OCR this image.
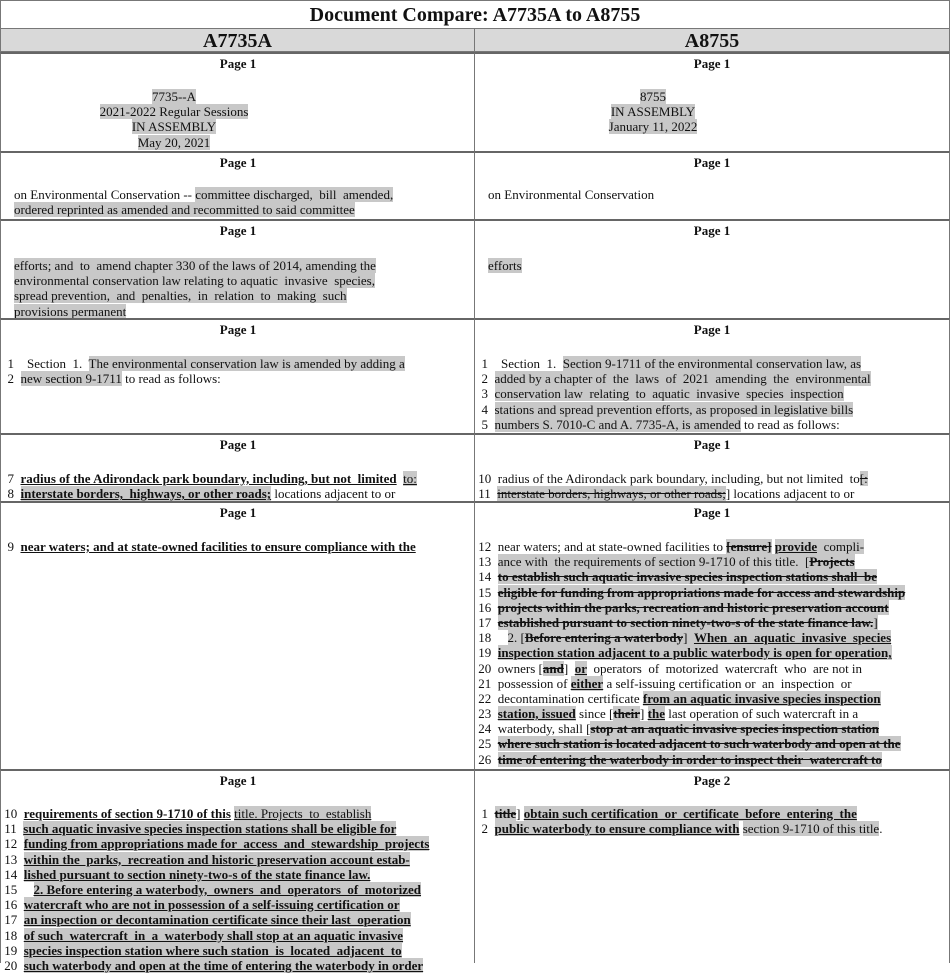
Document Compare: A7735A to A8755
A7735A	A8755
Page 1
7735--A
2021-2022 Regular Sessions
IN ASSEMBLY
May 20, 2021
Page 1
8755
IN ASSEMBLY
January 11, 2022
Page 1
on Environmental Conservation -- committee discharged,  bill  amended,
ordered reprinted as amended and recommitted to said committee
Page 1
on Environmental Conservation
Page 1
efforts; and  to  amend chapter 330 of the laws of 2014, amending the
environmental conservation law relating to aquatic  invasive  species,
spread prevention,  and  penalties,  in  relation  to  making  such
provisions permanent
Page 1
efforts
Page 1
1    Section  1.  The environmental conservation law is amended by adding a
2  new section 9-1711 to read as follows:
Page 1
1    Section  1.  Section 9-1711 of the environmental conservation law, as
2  added by a chapter of  the  laws  of  2021  amending  the  environmental
3  conservation law  relating  to  aquatic  invasive  species  inspection
4  stations and spread prevention efforts, as proposed in legislative bills
5  numbers S. 7010-C and A. 7735-A, is amended to read as follows:
Page 1
7  radius of the Adirondack park boundary, including, but not  limited to:
8  interstate borders,  highways, or other roads; locations adjacent to or
Page 1
10  radius of the Adirondack park boundary, including, but not limited  to[:
11  interstate borders, highways, or other roads;] locations adjacent to or
Page 1
9  near waters; and at state-owned facilities to ensure compliance with the
Page 1
12  near waters; and at state-owned facilities to [ensure] provide  compli-
13  ance with  the requirements of section 9-1710 of this title.  [Projects
14  to establish such aquatic invasive species inspection stations shall  be
15  eligible for funding from appropriations made for access and stewardship
16  projects within the parks, recreation and historic preservation account
17  established pursuant to section ninety-two-s of the state finance law.]
18     2. [Before entering a waterbody]  When  an  aquatic  invasive  species
19  inspection station adjacent to a public waterbody is open for operation,
20  owners [and]  or  operators  of  motorized  watercraft  who  are not in
21  possession of either a self-issuing certification or  an  inspection  or
22  decontamination certificate from an aquatic invasive species inspection
23  station, issued since [their] the last operation of such watercraft in a
24  waterbody, shall [stop at an aquatic invasive species inspection station
25  where such station is located adjacent to such waterbody and open at the
26  time of entering the waterbody in order to inspect their  watercraft to
Page 1
10  requirements of section 9-1710 of this title. Projects  to  establish
11  such aquatic invasive species inspection stations shall be eligible for
12  funding from appropriations made for  access  and  stewardship  projects
13  within the  parks,  recreation and historic preservation account estab-
14  lished pursuant to section ninety-two-s of the state finance law.
15     2. Before entering a waterbody,  owners  and  operators  of  motorized
16  watercraft who are not in possession of a self-issuing certification or
17  an inspection or decontamination certificate since their last  operation
18  of such  watercraft  in  a  waterbody shall stop at an aquatic invasive
19  species inspection station where such station  is  located  adjacent  to
20  such waterbody and open at the time of entering the waterbody in order
Page 2
1  title] obtain such certification  or  certificate  before  entering  the
2  public waterbody to ensure compliance with section 9-1710 of this title.
